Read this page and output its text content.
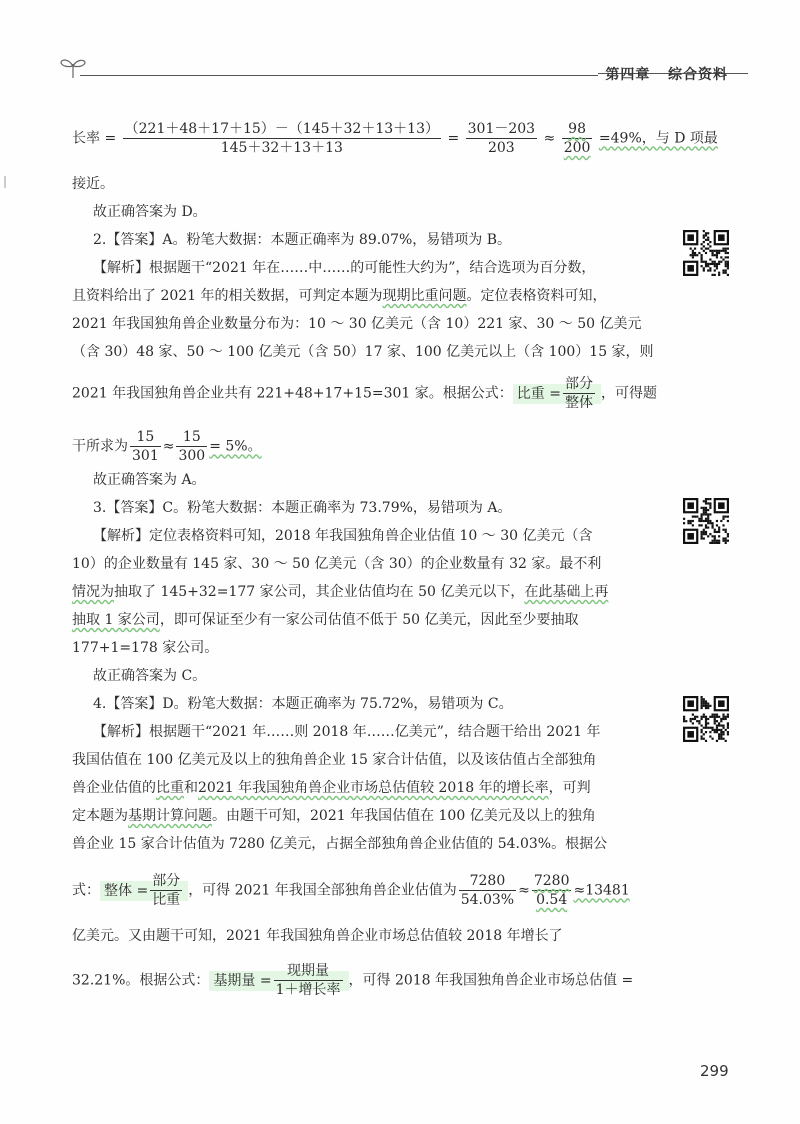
第四章 综合资料
长率 = $\frac{(221+48+17+15)-(145+32+13+13)}{145+32+13+13} = \frac{301-203}{203} \approx \frac{98}{200} =49\%$，与 D 项最
接近。
故正确答案为 D。
2.【答案】A。粉笔大数据：本题正确率为 89.07%，易错项为 B。
【解析】根据题干“2021 年在……中……的可能性大约为”，结合选项为百分数，
且资料给出了 2021 年的相关数据，可判定本题为现期比重问题。定位表格资料可知，
2021 年我国独角兽企业数量分布为：10 ～ 30 亿美元（含 10）221 家、30 ～ 50 亿美元
（含 30）48 家、50 ～ 100 亿美元（含 50）17 家、100 亿美元以上（含 100）15 家，则
2021 年我国独角兽企业共有 221+48+17+15=301 家。根据公式： 比重 = $\frac{\text{部分}}{\text{整体}}$ ，可得题
干所求为 $\frac{15}{301} \approx \frac{15}{300} = 5\%$。
故正确答案为 A。
3.【答案】C。粉笔大数据：本题正确率为 73.79%，易错项为 A。
【解析】定位表格资料可知，2018 年我国独角兽企业估值 10 ～ 30 亿美元（含
10）的企业数量有 145 家、30 ～ 50 亿美元（含 30）的企业数量有 32 家。最不利
情况为抽取了 145+32=177 家公司，其企业估值均在 50 亿美元以下，在此基础上再
抽取 1 家公司，即可保证至少有一家公司估值不低于 50 亿美元，因此至少要抽取
177+1=178 家公司。
故正确答案为 C。
4.【答案】D。粉笔大数据：本题正确率为 75.72%，易错项为 C。
【解析】根据题干“2021 年……则 2018 年……亿美元”，结合题干给出 2021 年
我国估值在 100 亿美元及以上的独角兽企业 15 家合计估值，以及该估值占全部独角
兽企业估值的比重和2021 年我国独角兽企业市场总估值较 2018 年的增长率，可判
定本题为基期计算问题。由题干可知，2021 年我国估值在 100 亿美元及以上的独角
兽企业 15 家合计估值为 7280 亿美元，占据全部独角兽企业估值的 54.03%。根据公
式： 整体 = $\frac{\text{部分}}{\text{比重}}$ ，可得 2021 年我国全部独角兽企业估值为 $\frac{7280}{54.03\%} \approx \frac{7280}{0.54} \approx 13481$
亿美元。又由题干可知，2021 年我国独角兽企业市场总估值较 2018 年增长了
32.21%。根据公式： 基期量 = $\frac{\text{现期量}}{\text{1＋增长率}}$ ，可得 2018 年我国独角兽企业市场总估值 =
299
